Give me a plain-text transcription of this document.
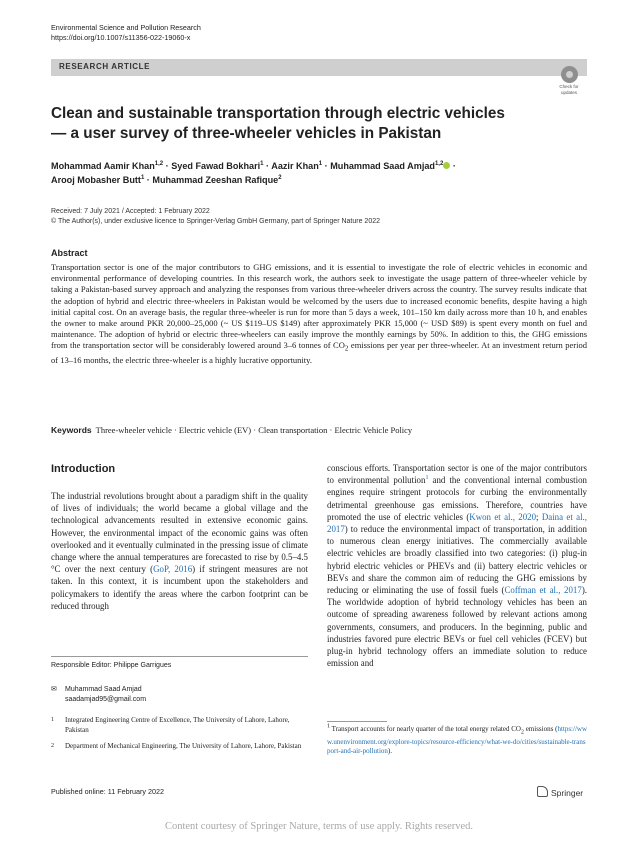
Environmental Science and Pollution Research
https://doi.org/10.1007/s11356-022-19060-x
RESEARCH ARTICLE
Check for
updates
Clean and sustainable transportation through electric vehicles
— a user survey of three-wheeler vehicles in Pakistan
Mohammad Aamir Khan$^{1,2}$ · Syed Fawad Bokhari$^1$ · Aazir Khan$^1$ · Muhammad Saad Amjad$^{1,2}$ ·
Arooj Mobasher Butt$^1$ · Muhammad Zeeshan Rafique$^2$
Received: 7 July 2021 / Accepted: 1 February 2022
© The Author(s), under exclusive licence to Springer-Verlag GmbH Germany, part of Springer Nature 2022
Abstract
Transportation sector is one of the major contributors to GHG emissions, and it is essential to investigate the role of electric vehicles in economic and environmental performance of developing countries. In this research work, the authors seek to investigate the usage pattern of three-wheeler vehicle by taking a Pakistan-based survey approach and analyzing the responses from various three-wheeler drivers across the country. The survey results indicate that the adoption of hybrid and electric three-wheelers in Pakistan would be welcomed by the users due to increased economic benefits, despite having a high initial capital cost. On an average basis, the regular three-wheeler is run for more than 5 days a week, 101–150 km daily across more than 10 h, and enables the owner to make around PKR 20,000–25,000 (~ US $119–US $149) after approximately PKR 15,000 (~ USD $89) is spent every month on fuel and maintenance. The adoption of hybrid or electric three-wheelers can easily improve the monthly earnings by 50%. In addition to this, the GHG emissions from the transportation sector will be considerably lowered around 3–6 tonnes of $CO_2$ emissions per year per three-wheeler. At an investment return period of 13–16 months, the electric three-wheeler is a highly lucrative opportunity.
Keywords Three-wheeler vehicle · Electric vehicle (EV) · Clean transportation · Electric Vehicle Policy
Introduction
The industrial revolutions brought about a paradigm shift in the quality of lives of individuals; the world became a global village and the technological advancements resulted in extensive economic gains. However, the environmental impact of the economic gains was often overlooked and it eventually culminated in the pressing issue of climate change where the annual temperatures are forecasted to rise by 0.5–4.5 °C over the next century (GoP, 2016) if stringent measures are not taken. In this context, it is incumbent upon the stakeholders and policymakers to identify the areas where the carbon footprint can be reduced through
conscious efforts. Transportation sector is one of the major contributors to environmental pollution$^1$ and the conventional internal combustion engines require stringent protocols for curbing the environmentally detrimental greenhouse gas emissions. Therefore, countries have promoted the use of electric vehicles (Kwon et al., 2020; Daina et al., 2017) to reduce the environmental impact of transportation, in addition to numerous clean energy initiatives. The commercially available electric vehicles are broadly classified into two categories: (i) plug-in hybrid electric vehicles or PHEVs and (ii) battery electric vehicles or BEVs and share the common aim of reducing the GHG emissions by reducing or eliminating the use of fossil fuels (Coffman et al., 2017). The worldwide adoption of hybrid technology vehicles has been an outcome of spreading awareness followed by relevant actions among governments, consumers, and producers. In the beginning, public and industries favored pure electric BEVs or fuel cell vehicles (FCEV) but plug-in hybrid technology offers an immediate solution to reduce emission and
Responsible Editor: Philippe Garrigues
✉ Muhammad Saad Amjad
saadamjad95@gmail.com
1 Integrated Engineering Centre of Excellence, The University of Lahore, Lahore, Pakistan
2 Department of Mechanical Engineering, The University of Lahore, Lahore, Pakistan
$^1$ Transport accounts for nearly quarter of the total energy related $CO_2$ emissions (https://www.unenvironment.org/explore-topics/resource-efficiency/what-we-do/cities/sustainable-transport-and-air-pollution).
Published online: 11 February 2022	Springer
Content courtesy of Springer Nature, terms of use apply. Rights reserved.
